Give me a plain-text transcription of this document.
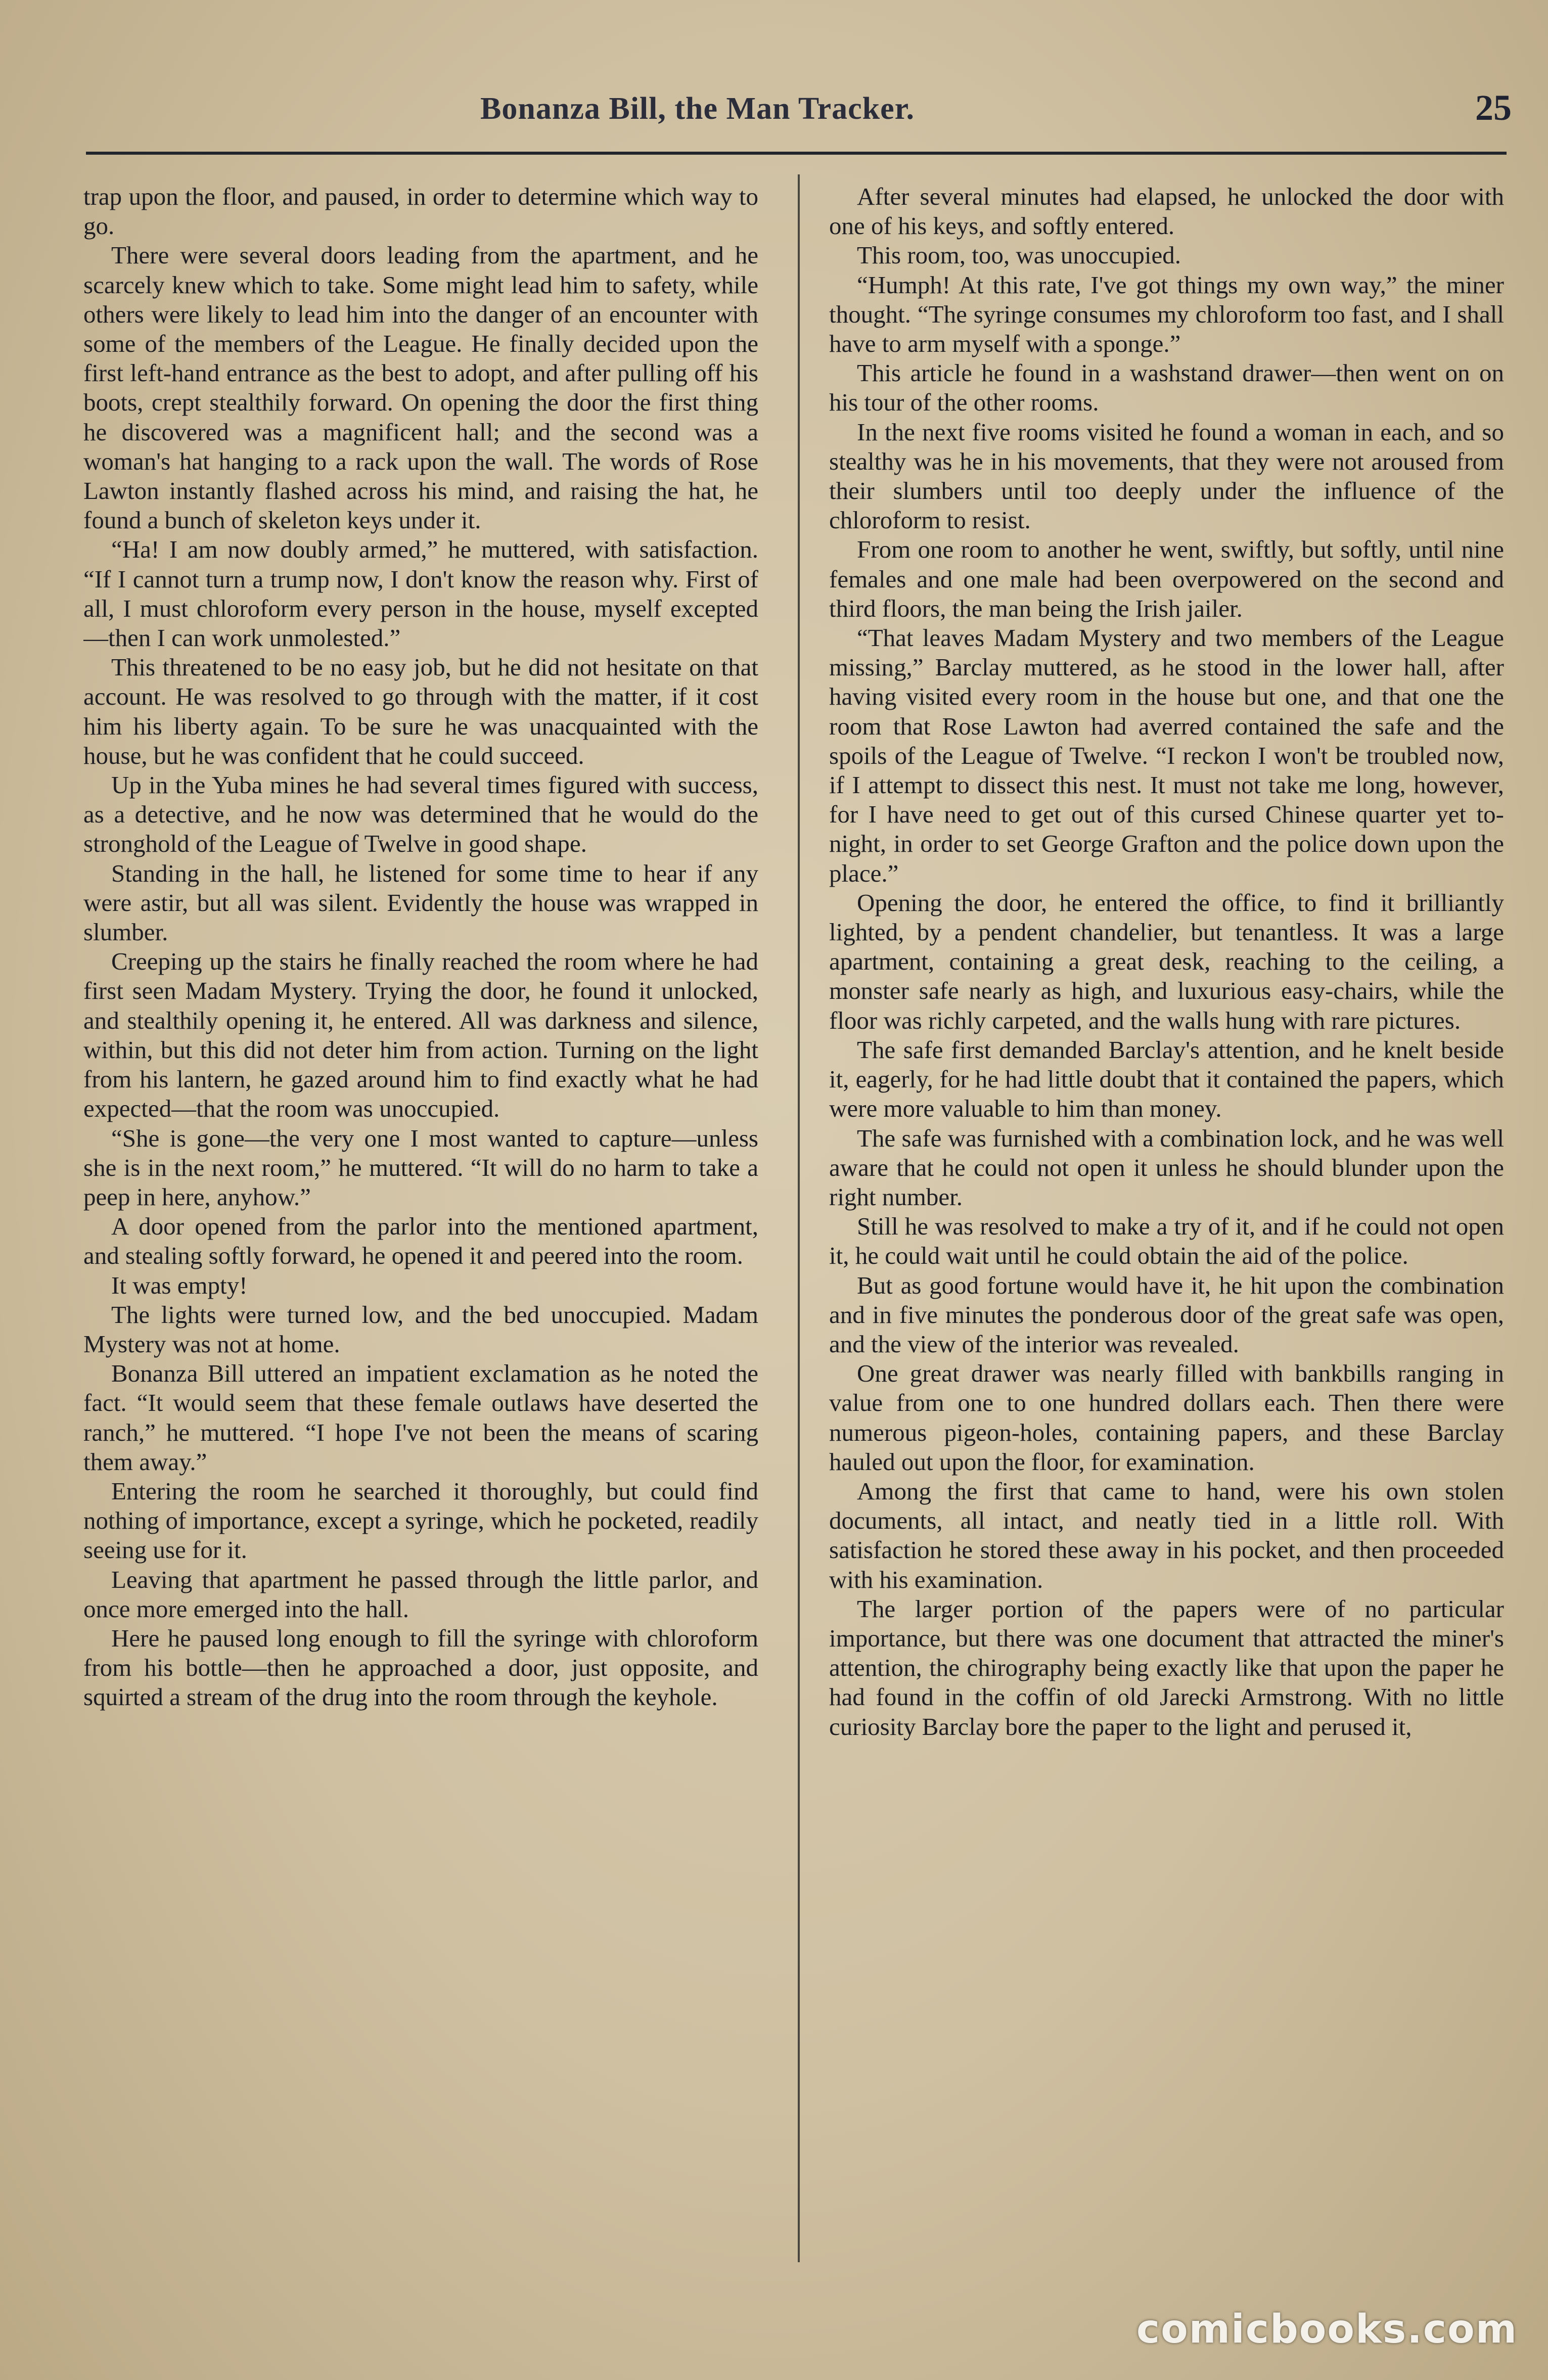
Bonanza Bill, the Man Tracker.	25

trap upon the floor, and paused, in order to determine which way to go.

There were several doors leading from the apartment, and he scarcely knew which to take. Some might lead him to safety, while others were likely to lead him into the danger of an encounter with some of the members of the League. He finally decided upon the first left-hand entrance as the best to adopt, and after pulling off his boots, crept stealthily forward. On opening the door the first thing he discovered was a magnificent hall; and the second was a woman's hat hanging to a rack upon the wall. The words of Rose Lawton instantly flashed across his mind, and raising the hat, he found a bunch of skeleton keys under it.

“Ha! I am now doubly armed,” he muttered, with satisfaction. “If I cannot turn a trump now, I don't know the reason why. First of all, I must chloroform every person in the house, myself excepted—then I can work unmolested.”

This threatened to be no easy job, but he did not hesitate on that account. He was resolved to go through with the matter, if it cost him his liberty again. To be sure he was unacquainted with the house, but he was confident that he could succeed.

Up in the Yuba mines he had several times figured with success, as a detective, and he now was determined that he would do the stronghold of the League of Twelve in good shape.

Standing in the hall, he listened for some time to hear if any were astir, but all was silent. Evidently the house was wrapped in slumber.

Creeping up the stairs he finally reached the room where he had first seen Madam Mystery. Trying the door, he found it unlocked, and stealthily opening it, he entered. All was darkness and silence, within, but this did not deter him from action. Turning on the light from his lantern, he gazed around him to find exactly what he had expected—that the room was unoccupied.

“She is gone—the very one I most wanted to capture—unless she is in the next room,” he muttered. “It will do no harm to take a peep in here, anyhow.”

A door opened from the parlor into the mentioned apartment, and stealing softly forward, he opened it and peered into the room.

It was empty!

The lights were turned low, and the bed unoccupied. Madam Mystery was not at home.

Bonanza Bill uttered an impatient exclamation as he noted the fact. “It would seem that these female outlaws have deserted the ranch,” he muttered. “I hope I've not been the means of scaring them away.”

Entering the room he searched it thoroughly, but could find nothing of importance, except a syringe, which he pocketed, readily seeing use for it.

Leaving that apartment he passed through the little parlor, and once more emerged into the hall.

Here he paused long enough to fill the syringe with chloroform from his bottle—then he approached a door, just opposite, and squirted a stream of the drug into the room through the keyhole.

After several minutes had elapsed, he unlocked the door with one of his keys, and softly entered.

This room, too, was unoccupied.

“Humph! At this rate, I've got things my own way,” the miner thought. “The syringe consumes my chloroform too fast, and I shall have to arm myself with a sponge.”

This article he found in a washstand drawer—then went on on his tour of the other rooms.

In the next five rooms visited he found a woman in each, and so stealthy was he in his movements, that they were not aroused from their slumbers until too deeply under the influence of the chloroform to resist.

From one room to another he went, swiftly, but softly, until nine females and one male had been overpowered on the second and third floors, the man being the Irish jailer.

“That leaves Madam Mystery and two members of the League missing,” Barclay muttered, as he stood in the lower hall, after having visited every room in the house but one, and that one the room that Rose Lawton had averred contained the safe and the spoils of the League of Twelve. “I reckon I won't be troubled now, if I attempt to dissect this nest. It must not take me long, however, for I have need to get out of this cursed Chinese quarter yet to-night, in order to set George Grafton and the police down upon the place.”

Opening the door, he entered the office, to find it brilliantly lighted, by a pendent chandelier, but tenantless. It was a large apartment, containing a great desk, reaching to the ceiling, a monster safe nearly as high, and luxurious easy-chairs, while the floor was richly carpeted, and the walls hung with rare pictures.

The safe first demanded Barclay's attention, and he knelt beside it, eagerly, for he had little doubt that it contained the papers, which were more valuable to him than money.

The safe was furnished with a combination lock, and he was well aware that he could not open it unless he should blunder upon the right number.

Still he was resolved to make a try of it, and if he could not open it, he could wait until he could obtain the aid of the police.

But as good fortune would have it, he hit upon the combination and in five minutes the ponderous door of the great safe was open, and the view of the interior was revealed.

One great drawer was nearly filled with bankbills ranging in value from one to one hundred dollars each. Then there were numerous pigeon-holes, containing papers, and these Barclay hauled out upon the floor, for examination.

Among the first that came to hand, were his own stolen documents, all intact, and neatly tied in a little roll. With satisfaction he stored these away in his pocket, and then proceeded with his examination.

The larger portion of the papers were of no particular importance, but there was one document that attracted the miner's attention, the chirography being exactly like that upon the paper he had found in the coffin of old Jarecki Armstrong. With no little curiosity Barclay bore the paper to the light and perused it,

comicbooks.com
